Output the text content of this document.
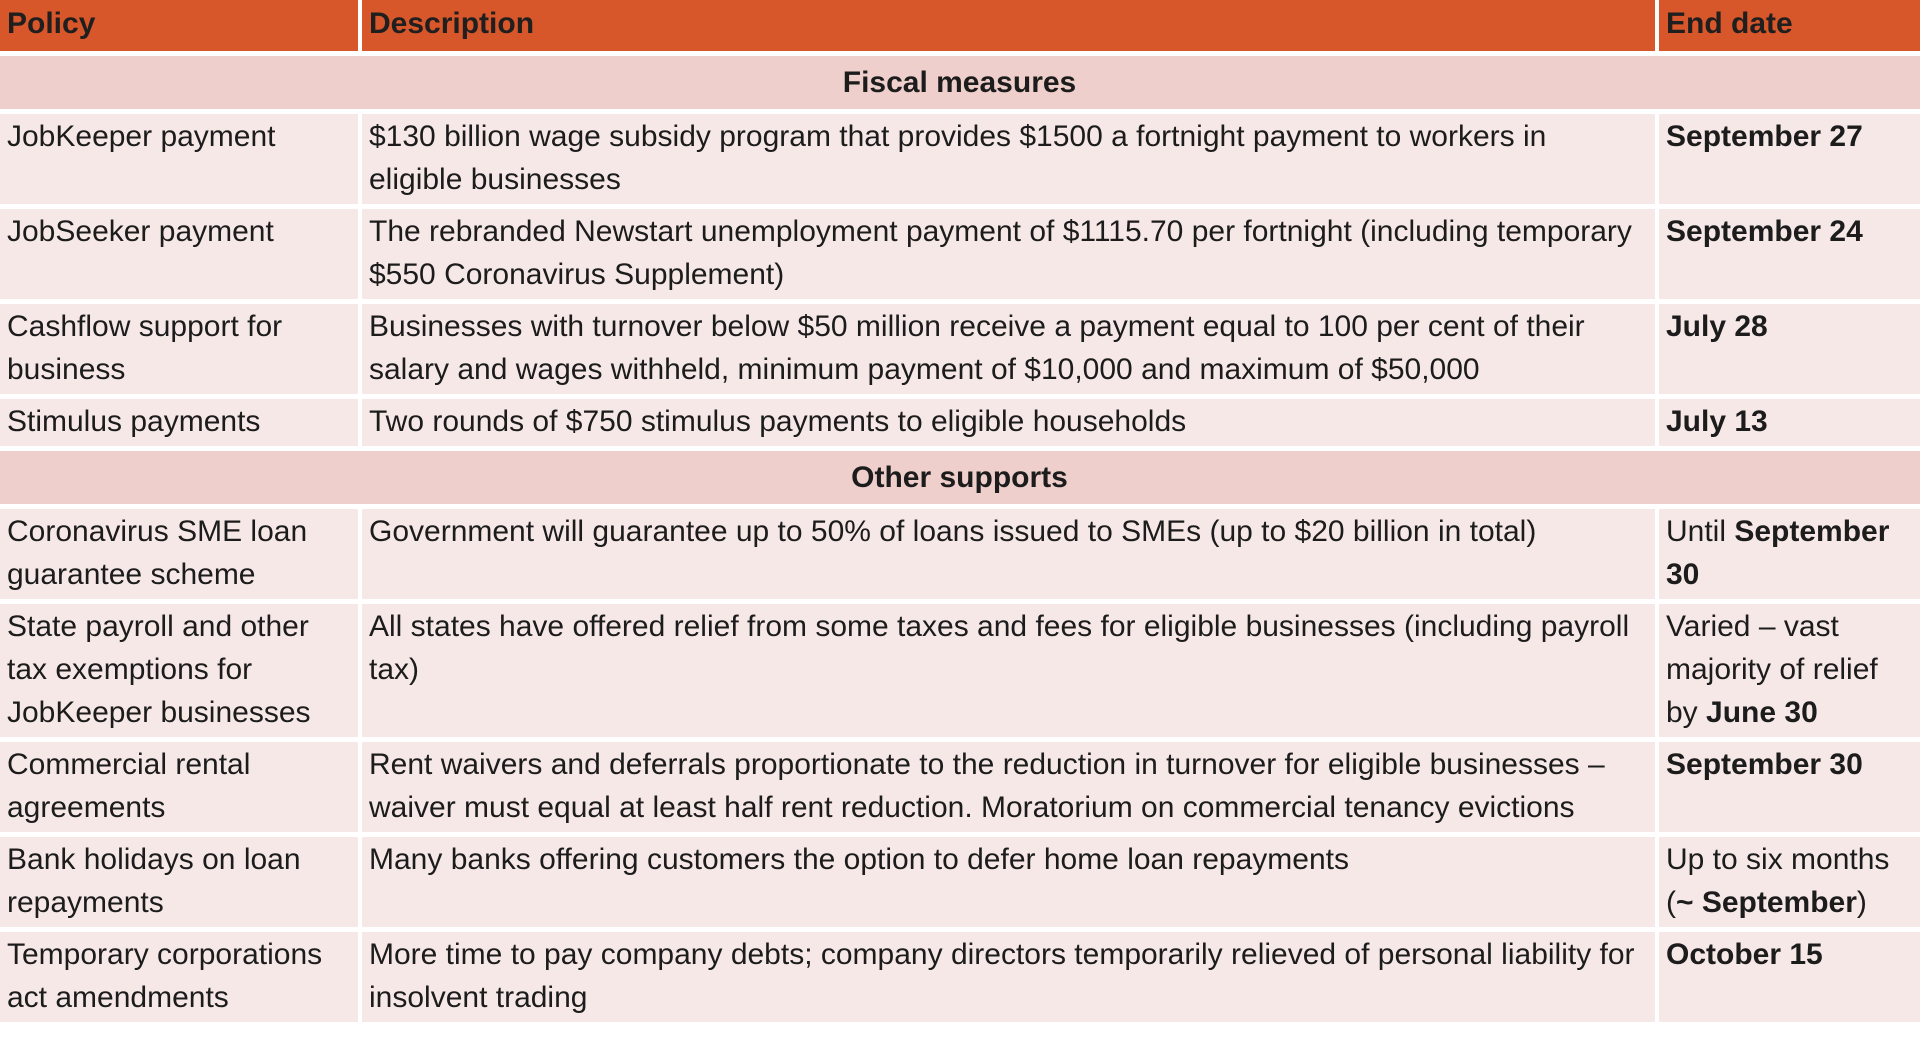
Policy	Description	End date
Fiscal measures		
JobKeeper payment	$130 billion wage subsidy program that provides $1500 a fortnight payment to workers in eligible businesses	September 27
JobSeeker payment	The rebranded Newstart unemployment payment of $1115.70 per fortnight (including temporary $550 Coronavirus Supplement)	September 24
Cashflow support for business	Businesses with turnover below $50 million receive a payment equal to 100 per cent of their salary and wages withheld, minimum payment of $10,000 and maximum of $50,000	July 28
Stimulus payments	Two rounds of $750 stimulus payments to eligible households	July 13
Other supports		
Coronavirus SME loan guarantee scheme	Government will guarantee up to 50% of loans issued to SMEs (up to $20 billion in total)	Until September 30
State payroll and other tax exemptions for JobKeeper businesses	All states have offered relief from some taxes and fees for eligible businesses (including payroll tax)	Varied – vast majority of relief by June 30
Commercial rental agreements	Rent waivers and deferrals proportionate to the reduction in turnover for eligible businesses – waiver must equal at least half rent reduction. Moratorium on commercial tenancy evictions	September 30
Bank holidays on loan repayments	Many banks offering customers the option to defer home loan repayments	Up to six months (~ September)
Temporary corporations act amendments	More time to pay company debts; company directors temporarily relieved of personal liability for insolvent trading	October 15
